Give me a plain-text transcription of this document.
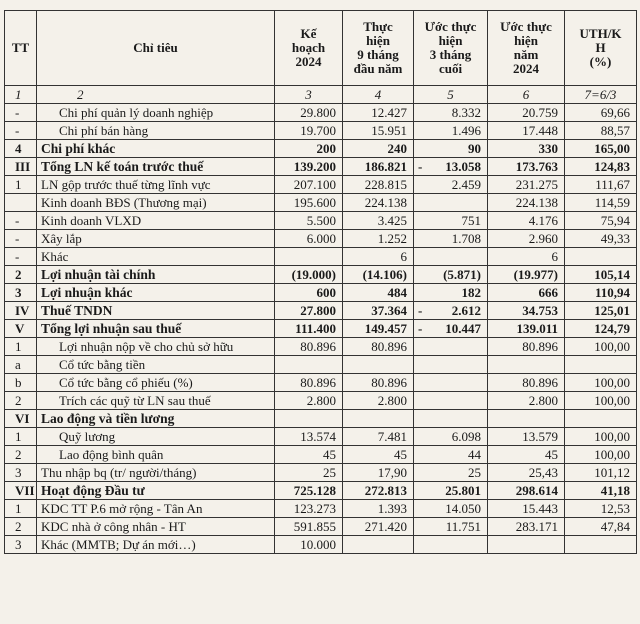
TT	Chỉ tiêu	Kế
hoạch
2024	Thực
hiện
9 tháng
đầu năm	Ước thực
hiện
3 tháng
cuối	Ước thực
hiện
năm
2024	UTH/K
H
(%)

1	2	3	4	5	6	7=6/3
-	Chi phí quản lý doanh nghiệp	29.800	12.427	8.332	20.759	69,66
-	Chi phí bán hàng	19.700	15.951	1.496	17.448	88,57
4	Chi phí khác	200	240	90	330	165,00
III	Tổng LN kế toán trước thuế	139.200	186.821	- 13.058	173.763	124,83
1	LN gộp trước thuế từng lĩnh vực	207.100	228.815	2.459	231.275	111,67
	Kinh doanh BĐS (Thương mại)	195.600	224.138		224.138	114,59
-	Kinh doanh VLXD	5.500	3.425	751	4.176	75,94
-	Xây lắp	6.000	1.252	1.708	2.960	49,33
-	Khác		6		6	
2	Lợi nhuận tài chính	(19.000)	(14.106)	(5.871)	(19.977)	105,14
3	Lợi nhuận khác	600	484	182	666	110,94
IV	Thuế TNDN	27.800	37.364	- 2.612	34.753	125,01
V	Tổng lợi nhuận sau thuế	111.400	149.457	- 10.447	139.011	124,79
1	Lợi nhuận nộp về cho chủ sở hữu	80.896	80.896		80.896	100,00
a	Cổ tức bằng tiền					
b	Cổ tức bằng cổ phiếu (%)	80.896	80.896		80.896	100,00
2	Trích các quỹ từ LN sau thuế	2.800	2.800		2.800	100,00
VI	Lao động và tiền lương					
1	Quỹ lương	13.574	7.481	6.098	13.579	100,00
2	Lao động bình quân	45	45	44	45	100,00
3	Thu nhập bq (tr/ người/tháng)	25	17,90	25	25,43	101,12
VII	Hoạt động Đầu tư	725.128	272.813	25.801	298.614	41,18
1	KDC TT P.6 mở rộng - Tân An	123.273	1.393	14.050	15.443	12,53
2	KDC nhà ở công nhân - HT	591.855	271.420	11.751	283.171	47,84
3	Khác (MMTB; Dự án mới…)	10.000				
